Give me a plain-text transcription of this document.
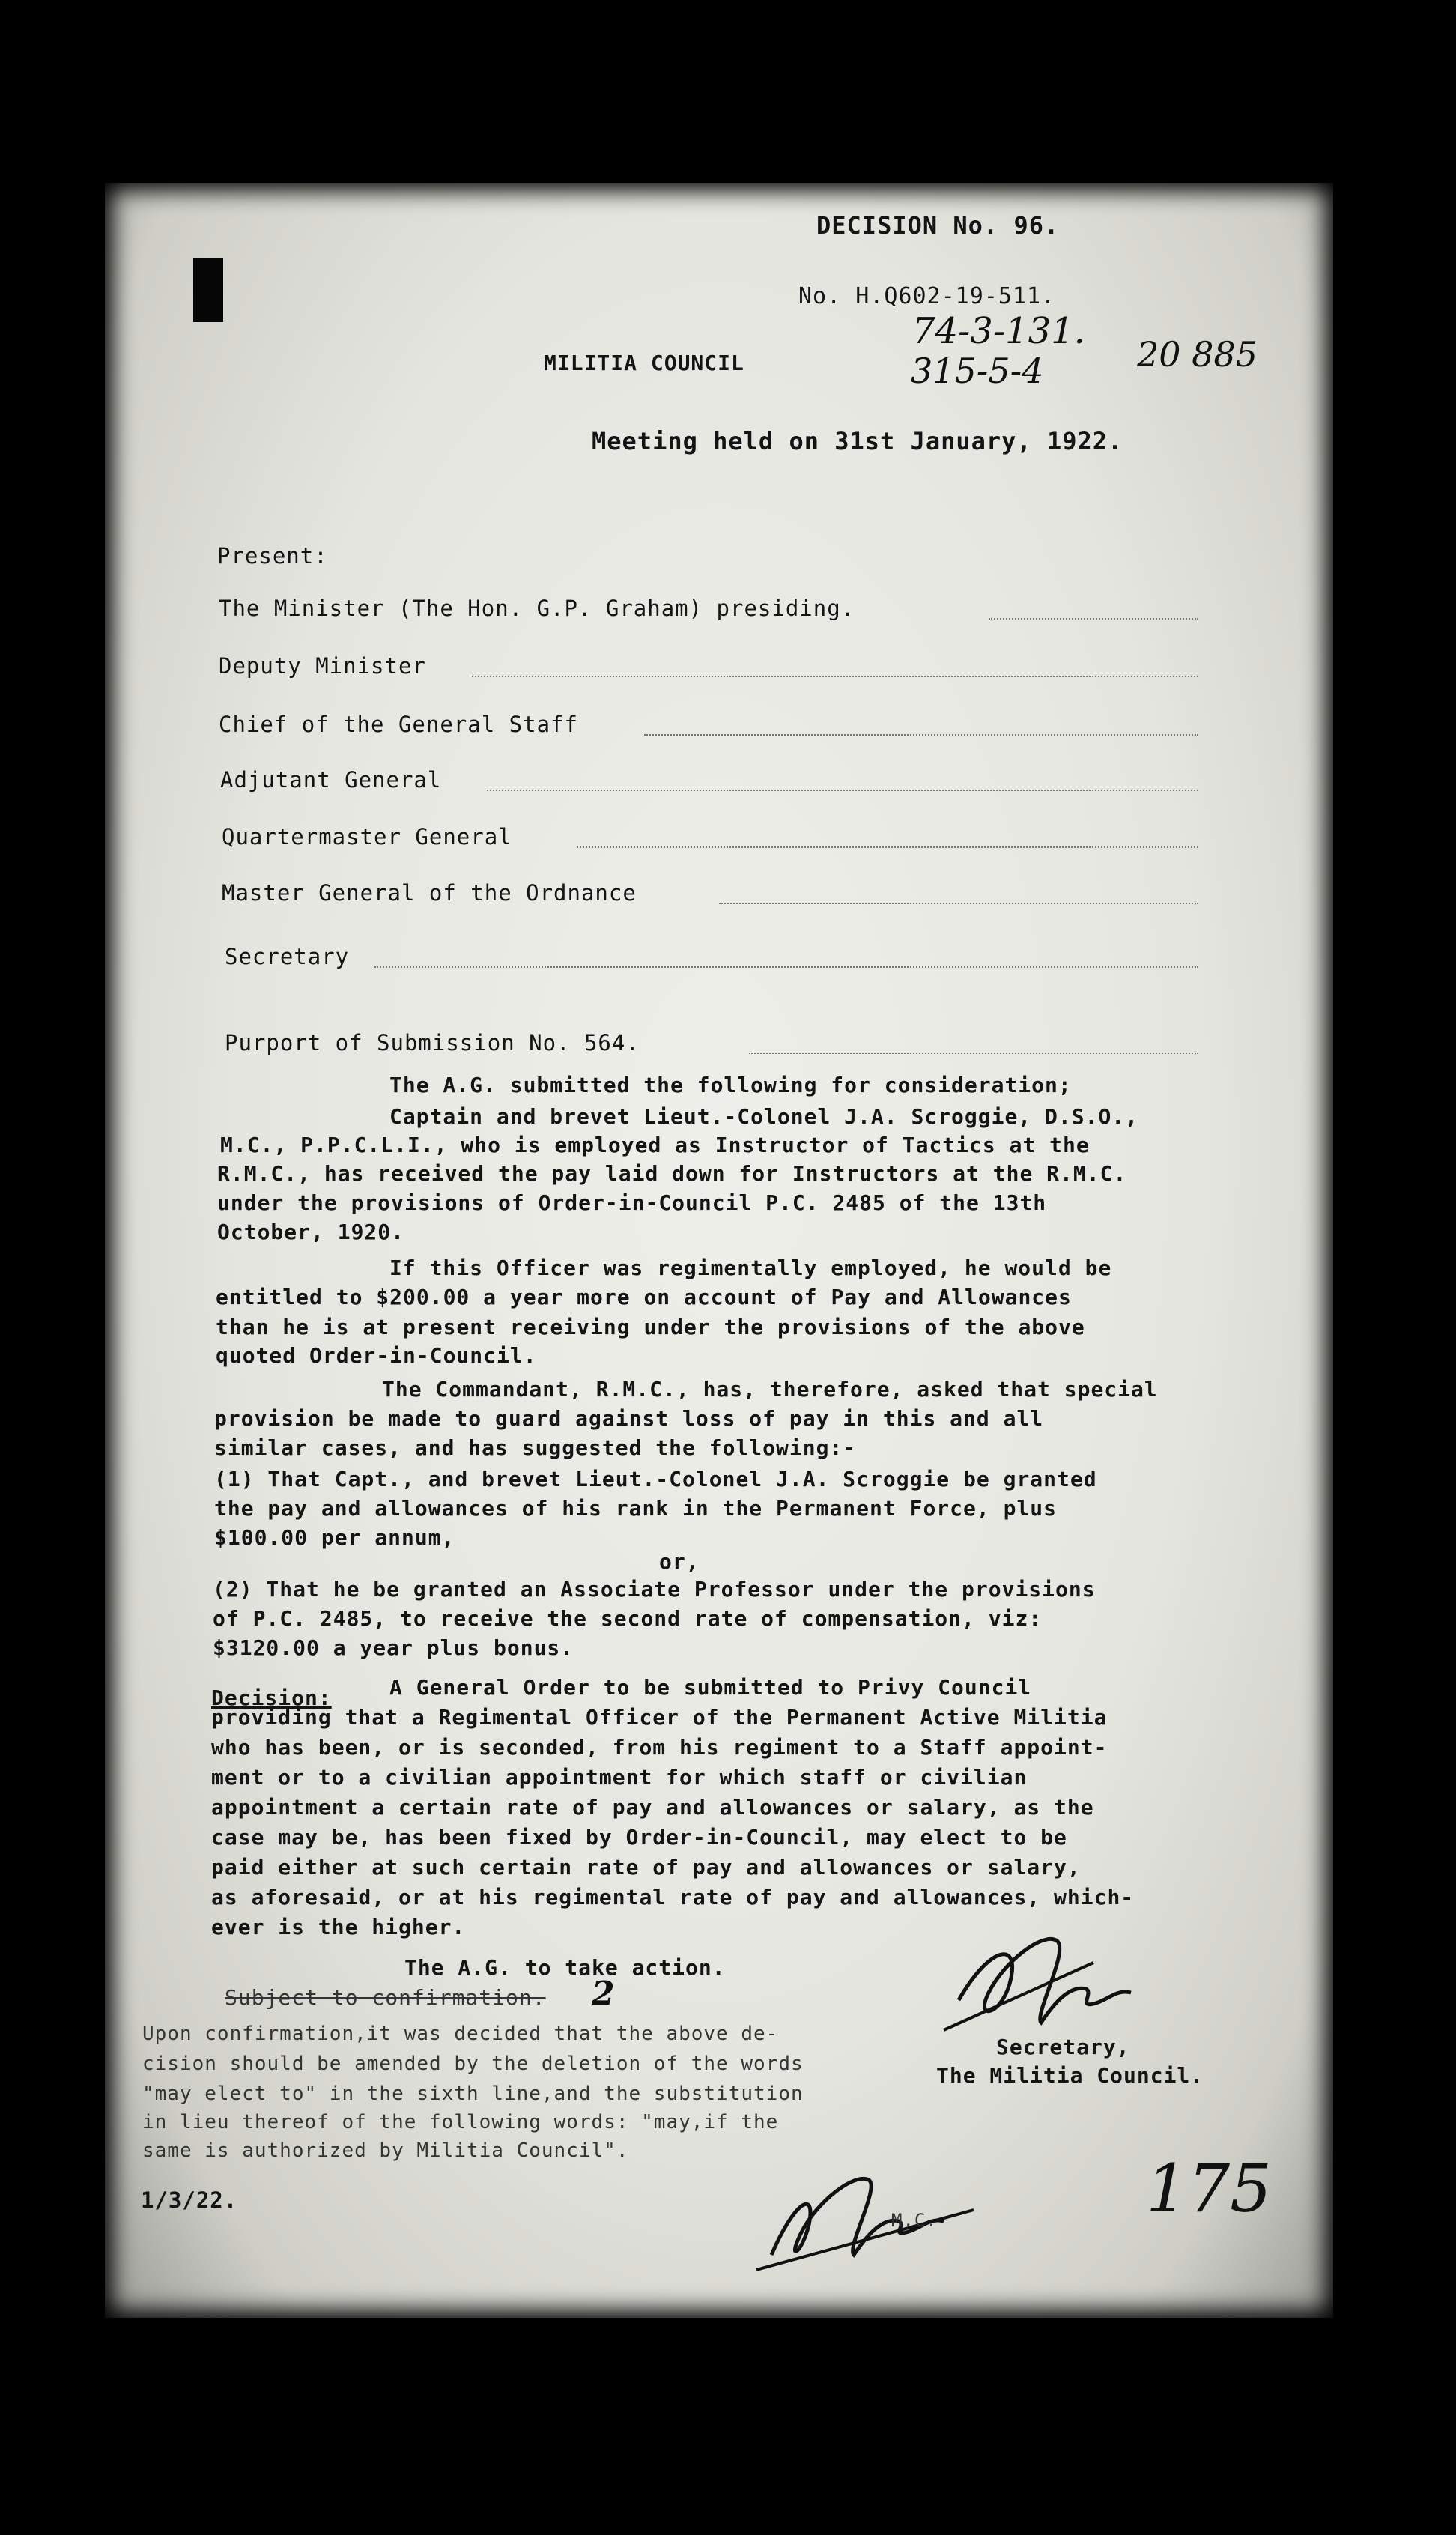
DECISION No. 96.
No. H.Q602-19-511.
MILITIA COUNCIL
74-3-131.
315-5-4	20 885
Meeting held on 31st January, 1922.
Present:
The Minister (The Hon. G.P. Graham) presiding.
Deputy Minister
Chief of the General Staff
Adjutant General
Quartermaster General
Master General of the Ordnance
Secretary
Purport of Submission No. 564.
The A.G. submitted the following for consideration;
Captain and brevet Lieut.-Colonel J.A. Scroggie, D.S.O.,
M.C., P.P.C.L.I., who is employed as Instructor of Tactics at the
R.M.C., has received the pay laid down for Instructors at the R.M.C.
under the provisions of Order-in-Council P.C. 2485 of the 13th
October, 1920.
If this Officer was regimentally employed, he would be
entitled to $200.00 a year more on account of Pay and Allowances
than he is at present receiving under the provisions of the above
quoted Order-in-Council.
The Commandant, R.M.C., has, therefore, asked that special
provision be made to guard against loss of pay in this and all
similar cases, and has suggested the following:-
(1) That Capt., and brevet Lieut.-Colonel J.A. Scroggie be granted
the pay and allowances of his rank in the Permanent Force, plus
$100.00 per annum,
or,
(2) That he be granted an Associate Professor under the provisions
of P.C. 2485, to receive the second rate of compensation, viz:
$3120.00 a year plus bonus.
Decision:	A General Order to be submitted to Privy Council
providing that a Regimental Officer of the Permanent Active Militia
who has been, or is seconded, from his regiment to a Staff appoint-
ment or to a civilian appointment for which staff or civilian
appointment a certain rate of pay and allowances or salary, as the
case may be, has been fixed by Order-in-Council, may elect to be
paid either at such certain rate of pay and allowances or salary,
as aforesaid, or at his regimental rate of pay and allowances, which-
ever is the higher.
The A.G. to take action.
Subject to confirmation. 2
Secretary,
The Militia Council.
Upon confirmation,it was decided that the above de-
cision should be amended by the deletion of the words
"may elect to" in the sixth line,and the substitution
in lieu thereof of the following words: "may,if the
same is authorized by Militia Council".
1/3/22.
M.C.	175
